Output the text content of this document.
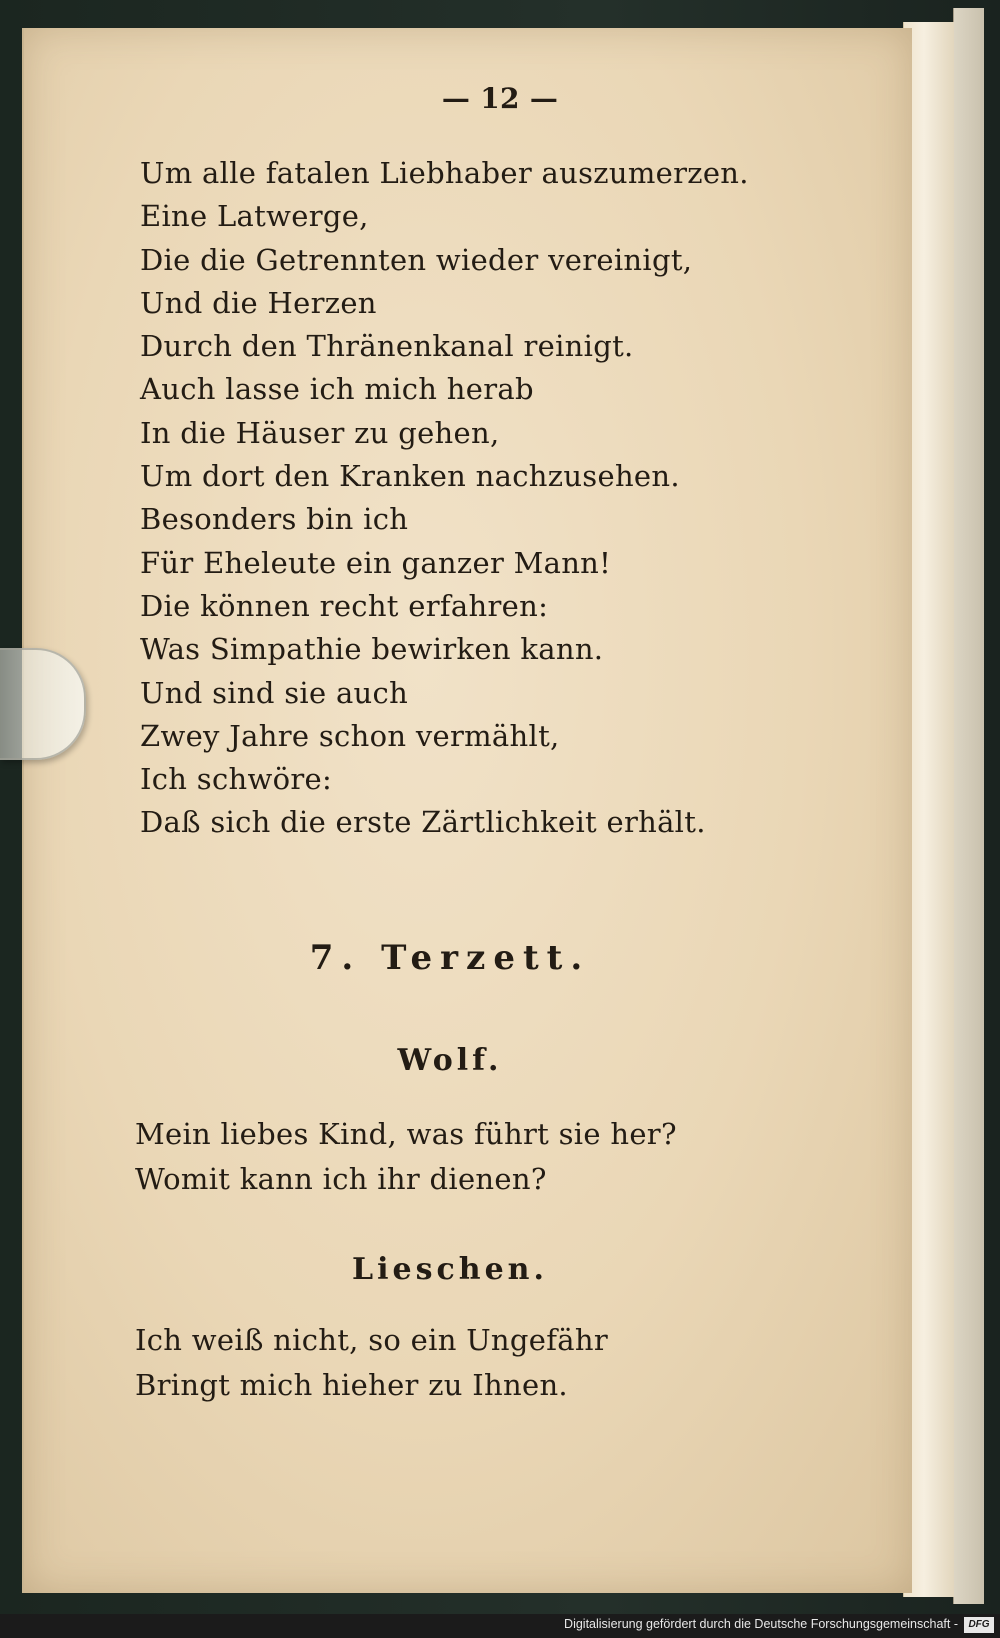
— 12 —
Um alle fatalen Liebhaber auszumerzen.
Eine Latwerge,
Die die Getrennten wieder vereinigt,
Und die Herzen
Durch den Thränenkanal reinigt.
Auch lasse ich mich herab
In die Häuser zu gehen,
Um dort den Kranken nachzusehen.
Besonders bin ich
Für Eheleute ein ganzer Mann!
Die können recht erfahren:
Was Simpathie bewirken kann.
Und sind sie auch
Zwey Jahre schon vermählt,
Ich schwöre:
Daß sich die erste Zärtlichkeit erhält.
7. Terzett.
Wolf.
Mein liebes Kind, was führt sie her?
Womit kann ich ihr dienen?
Lieschen.
Ich weiß nicht, so ein Ungefähr
Bringt mich hieher zu Ihnen.
Digitalisierung gefördert durch die Deutsche Forschungsgemeinschaft -	DFG
